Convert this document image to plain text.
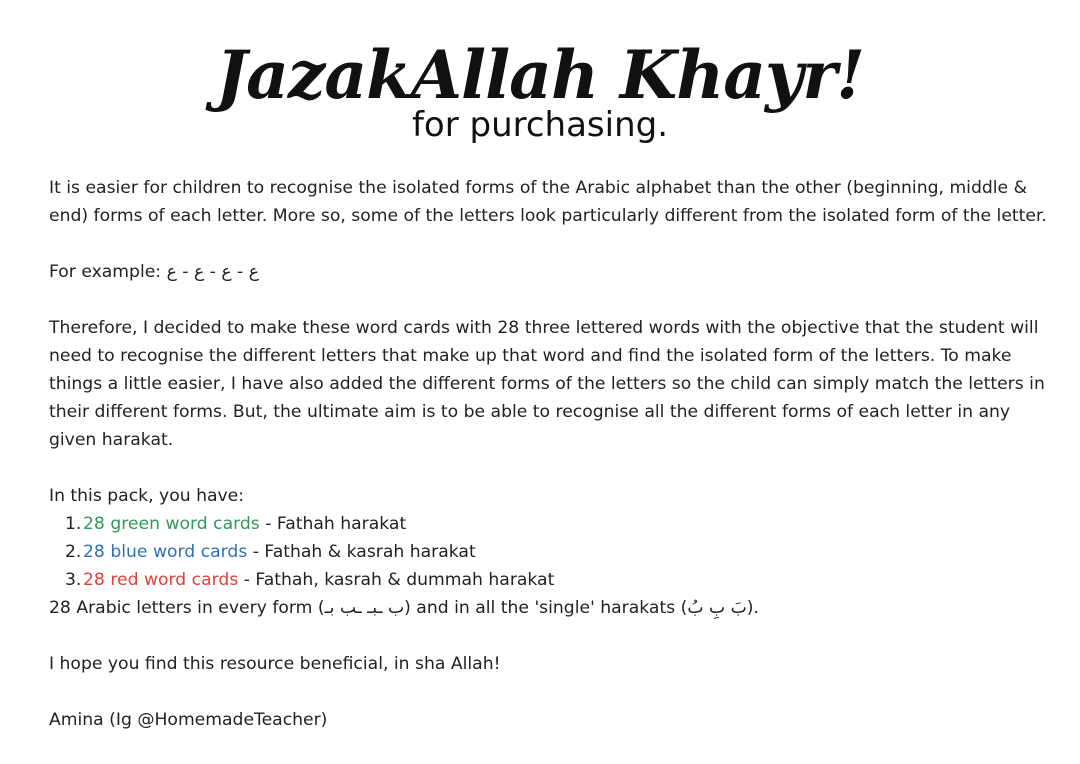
JazakAllah Khayr!
for purchasing.

It is easier for children to recognise the isolated forms of the Arabic alphabet than the other (beginning, middle & end) forms of each letter. More so, some of the letters look particularly different from the isolated form of the letter.

For example: ع - ع - ع - ع

Therefore, I decided to make these word cards with 28 three lettered words with the objective that the student will need to recognise the different letters that make up that word and find the isolated form of the letters. To make things a little easier, I have also added the different forms of the letters so the child can simply match the letters in their different forms. But, the ultimate aim is to be able to recognise all the different forms of each letter in any given harakat.

In this pack, you have:

1.28 green word cards - Fathah harakat
2.28 blue word cards - Fathah & kasrah harakat
3.28 red word cards - Fathah, kasrah & dummah harakat

28 Arabic letters in every form (ب ـبـ ـب بـ) and in all the 'single' harakats (بَ بِ بُ).

I hope you find this resource beneficial, in sha Allah!

Amina (Ig @HomemadeTeacher)
